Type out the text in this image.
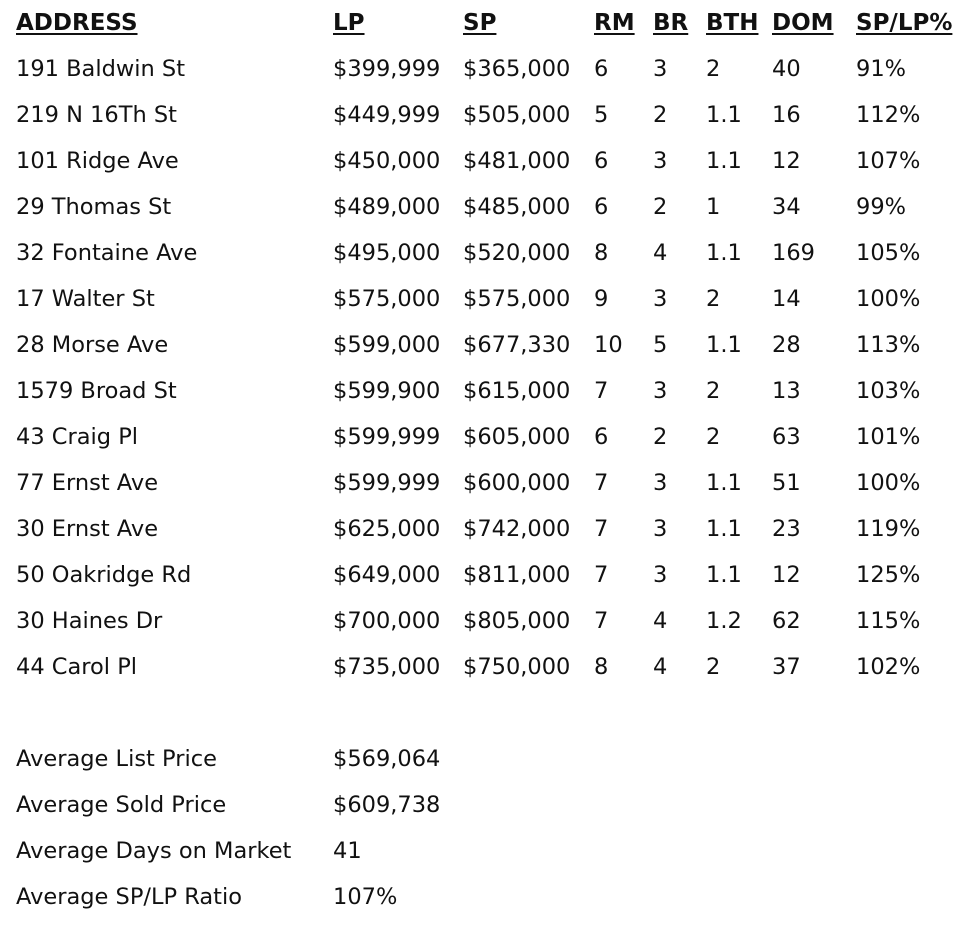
ADDRESS	LP	SP	RM	BR	BTH	DOM	SP/LP%
191 Baldwin St	$399,999	$365,000	6	3	2	40	91%
219 N 16Th St	$449,999	$505,000	5	2	1.1	16	112%
101 Ridge Ave	$450,000	$481,000	6	3	1.1	12	107%
29 Thomas St	$489,000	$485,000	6	2	1	34	99%
32 Fontaine Ave	$495,000	$520,000	8	4	1.1	169	105%
17 Walter St	$575,000	$575,000	9	3	2	14	100%
28 Morse Ave	$599,000	$677,330	10	5	1.1	28	113%
1579 Broad St	$599,900	$615,000	7	3	2	13	103%
43 Craig Pl	$599,999	$605,000	6	2	2	63	101%
77 Ernst Ave	$599,999	$600,000	7	3	1.1	51	100%
30 Ernst Ave	$625,000	$742,000	7	3	1.1	23	119%
50 Oakridge Rd	$649,000	$811,000	7	3	1.1	12	125%
30 Haines Dr	$700,000	$805,000	7	4	1.2	62	115%
44 Carol Pl	$735,000	$750,000	8	4	2	37	102%
Average List Price	$569,064
Average Sold Price	$609,738
Average Days on Market	41
Average SP/LP Ratio	107%
